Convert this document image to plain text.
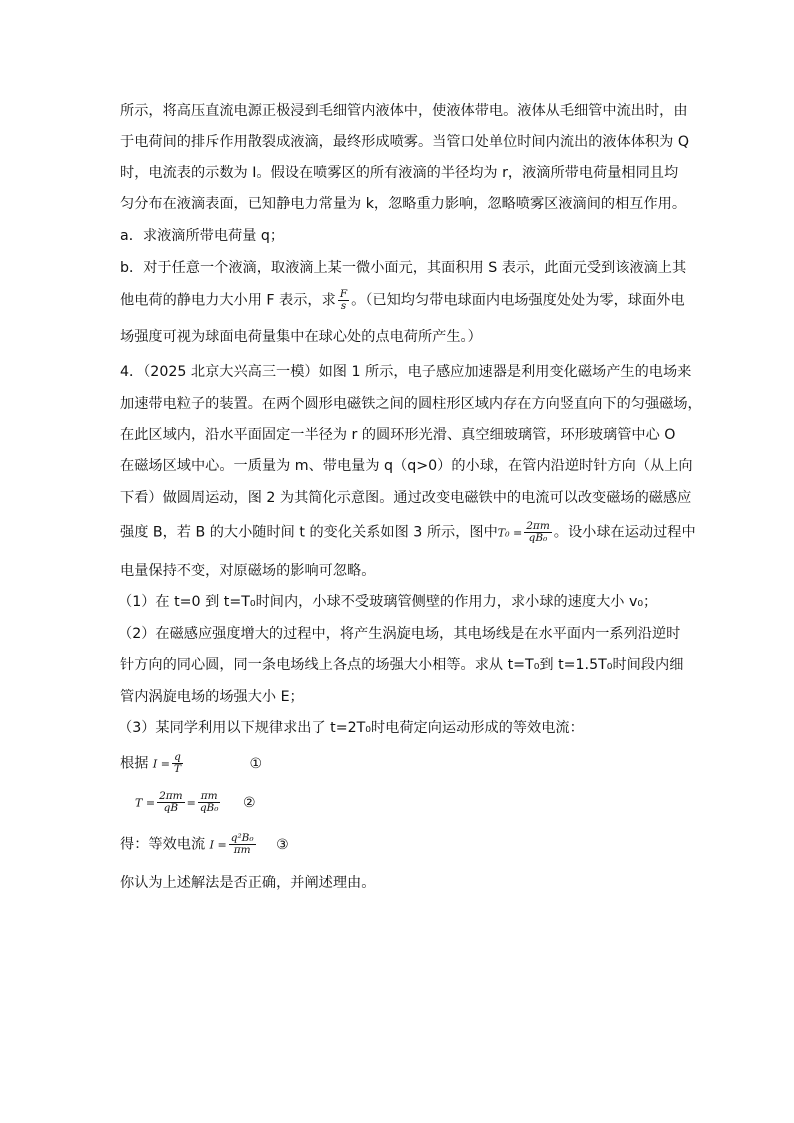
所示，将高压直流电源正极浸到毛细管内液体中，使液体带电。液体从毛细管中流出时，由
于电荷间的排斥作用散裂成液滴，最终形成喷雾。当管口处单位时间内流出的液体体积为 Q
时，电流表的示数为 I。假设在喷雾区的所有液滴的半径均为 r，液滴所带电荷量相同且均
匀分布在液滴表面，已知静电力常量为 k，忽略重力影响，忽略喷雾区液滴间的相互作用。
a．求液滴所带电荷量 q；
b．对于任意一个液滴，取液滴上某一微小面元，其面积用 S 表示，此面元受到该液滴上其
他电荷的静电力大小用 F 表示，求 $\frac{F}{s}$ 。（已知均匀带电球面内电场强度处处为零，球面外电
场强度可视为球面电荷量集中在球心处的点电荷所产生。）
4．（2025 北京大兴高三一模）如图 1 所示，电子感应加速器是利用变化磁场产生的电场来
加速带电粒子的装置。在两个圆形电磁铁之间的圆柱形区域内存在方向竖直向下的匀强磁场，
在此区域内，沿水平面固定一半径为 r 的圆环形光滑、真空细玻璃管，环形玻璃管中心 O
在磁场区域中心。一质量为 m、带电量为 q（q>0）的小球，在管内沿逆时针方向（从上向
下看）做圆周运动，图 2 为其简化示意图。通过改变电磁铁中的电流可以改变磁场的磁感应
强度 B，若 B 的大小随时间 t 的变化关系如图 3 所示，图中$T_0 = \frac{2\pi m}{\text{qB₀}}$ 。设小球在运动过程中
电量保持不变，对原磁场的影响可忽略。
（1）在 t=0 到 t=T₀时间内，小球不受玻璃管侧壁的作用力，求小球的速度大小 v₀；
（2）在磁感应强度增大的过程中，将产生涡旋电场，其电场线是在水平面内一系列沿逆时
针方向的同心圆，同一条电场线上各点的场强大小相等。求从 t=T₀到 t=1.5T₀时间段内细
管内涡旋电场的场强大小 E；
（3）某同学利用以下规律求出了 t=2T₀时电荷定向运动形成的等效电流：
根据 $I = \frac{q}{T}$	①
$T = \frac{2\pi m}{qB} = \frac{\pi m}{\text{qB₀}}$ ②
得：等效电流 $I = \frac{\text{q²B₀}}{\pi m}$ ③
你认为上述解法是否正确，并阐述理由。
